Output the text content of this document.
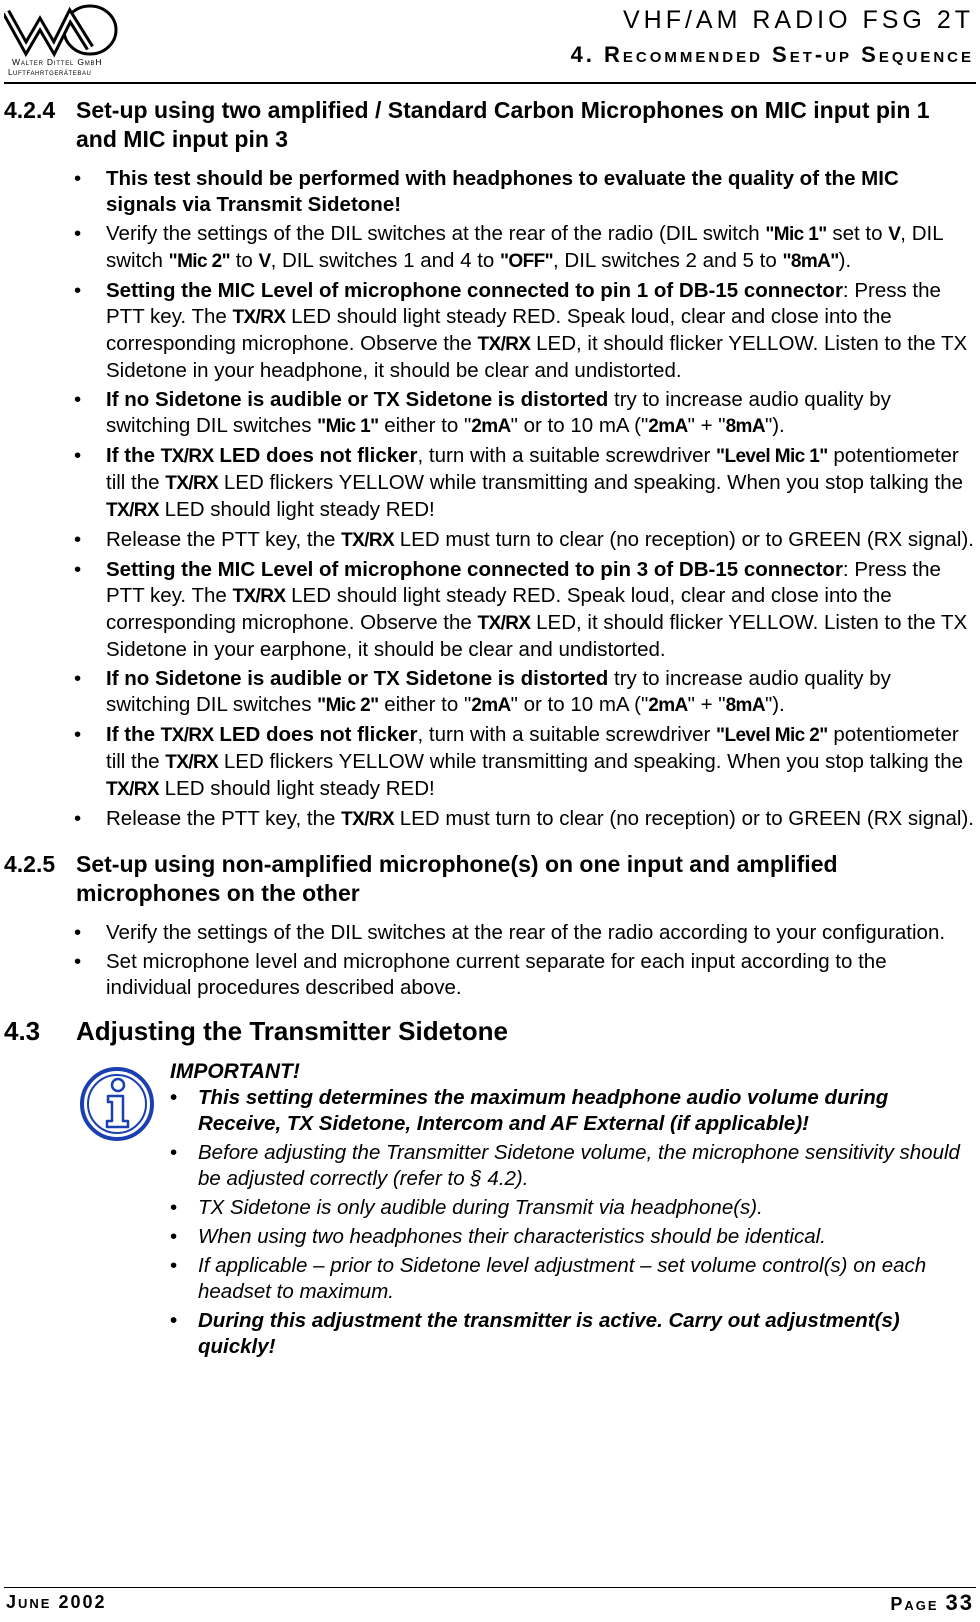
Walter Dittel GmbH
Luftfahrtgerätebau
VHF/AM RADIO FSG 2T
4. Recommended Set-up Sequence
4.2.4 Set-up using two amplified / Standard Carbon Microphones on MIC input pin 1 and MIC input pin 3
• This test should be performed with headphones to evaluate the quality of the MIC signals via Transmit Sidetone!
• Verify the settings of the DIL switches at the rear of the radio (DIL switch "Mic 1" set to V, DIL switch "Mic 2" to V, DIL switches 1 and 4 to "OFF", DIL switches 2 and 5 to "8mA").
• Setting the MIC Level of microphone connected to pin 1 of DB-15 connector: Press the PTT key. The TX/RX LED should light steady RED. Speak loud, clear and close into the corresponding microphone. Observe the TX/RX LED, it should flicker YELLOW. Listen to the TX Sidetone in your headphone, it should be clear and undistorted.
• If no Sidetone is audible or TX Sidetone is distorted try to increase audio quality by switching DIL switches "Mic 1" either to "2mA" or to 10 mA ("2mA" + "8mA").
• If the TX/RX LED does not flicker, turn with a suitable screwdriver "Level Mic 1" potentiometer till the TX/RX LED flickers YELLOW while transmitting and speaking. When you stop talking the TX/RX LED should light steady RED!
• Release the PTT key, the TX/RX LED must turn to clear (no reception) or to GREEN (RX signal).
• Setting the MIC Level of microphone connected to pin 3 of DB-15 connector: Press the PTT key. The TX/RX LED should light steady RED. Speak loud, clear and close into the corresponding microphone. Observe the TX/RX LED, it should flicker YELLOW. Listen to the TX Sidetone in your earphone, it should be clear and undistorted.
• If no Sidetone is audible or TX Sidetone is distorted try to increase audio quality by switching DIL switches "Mic 2" either to "2mA" or to 10 mA ("2mA" + "8mA").
• If the TX/RX LED does not flicker, turn with a suitable screwdriver "Level Mic 2" potentiometer till the TX/RX LED flickers YELLOW while transmitting and speaking. When you stop talking the TX/RX LED should light steady RED!
• Release the PTT key, the TX/RX LED must turn to clear (no reception) or to GREEN (RX signal).
4.2.5 Set-up using non-amplified microphone(s) on one input and amplified microphones on the other
• Verify the settings of the DIL switches at the rear of the radio according to your configuration.
• Set microphone level and microphone current separate for each input according to the individual procedures described above.
4.3	Adjusting the Transmitter Sidetone
IMPORTANT!
• This setting determines the maximum headphone audio volume during Receive, TX Sidetone, Intercom and AF External (if applicable)!
• Before adjusting the Transmitter Sidetone volume, the microphone sensitivity should be adjusted correctly (refer to § 4.2).
• TX Sidetone is only audible during Transmit via headphone(s).
• When using two headphones their characteristics should be identical.
• If applicable – prior to Sidetone level adjustment – set volume control(s) on each headset to maximum.
• During this adjustment the transmitter is active. Carry out adjustment(s) quickly!
June 2002	Page 33
